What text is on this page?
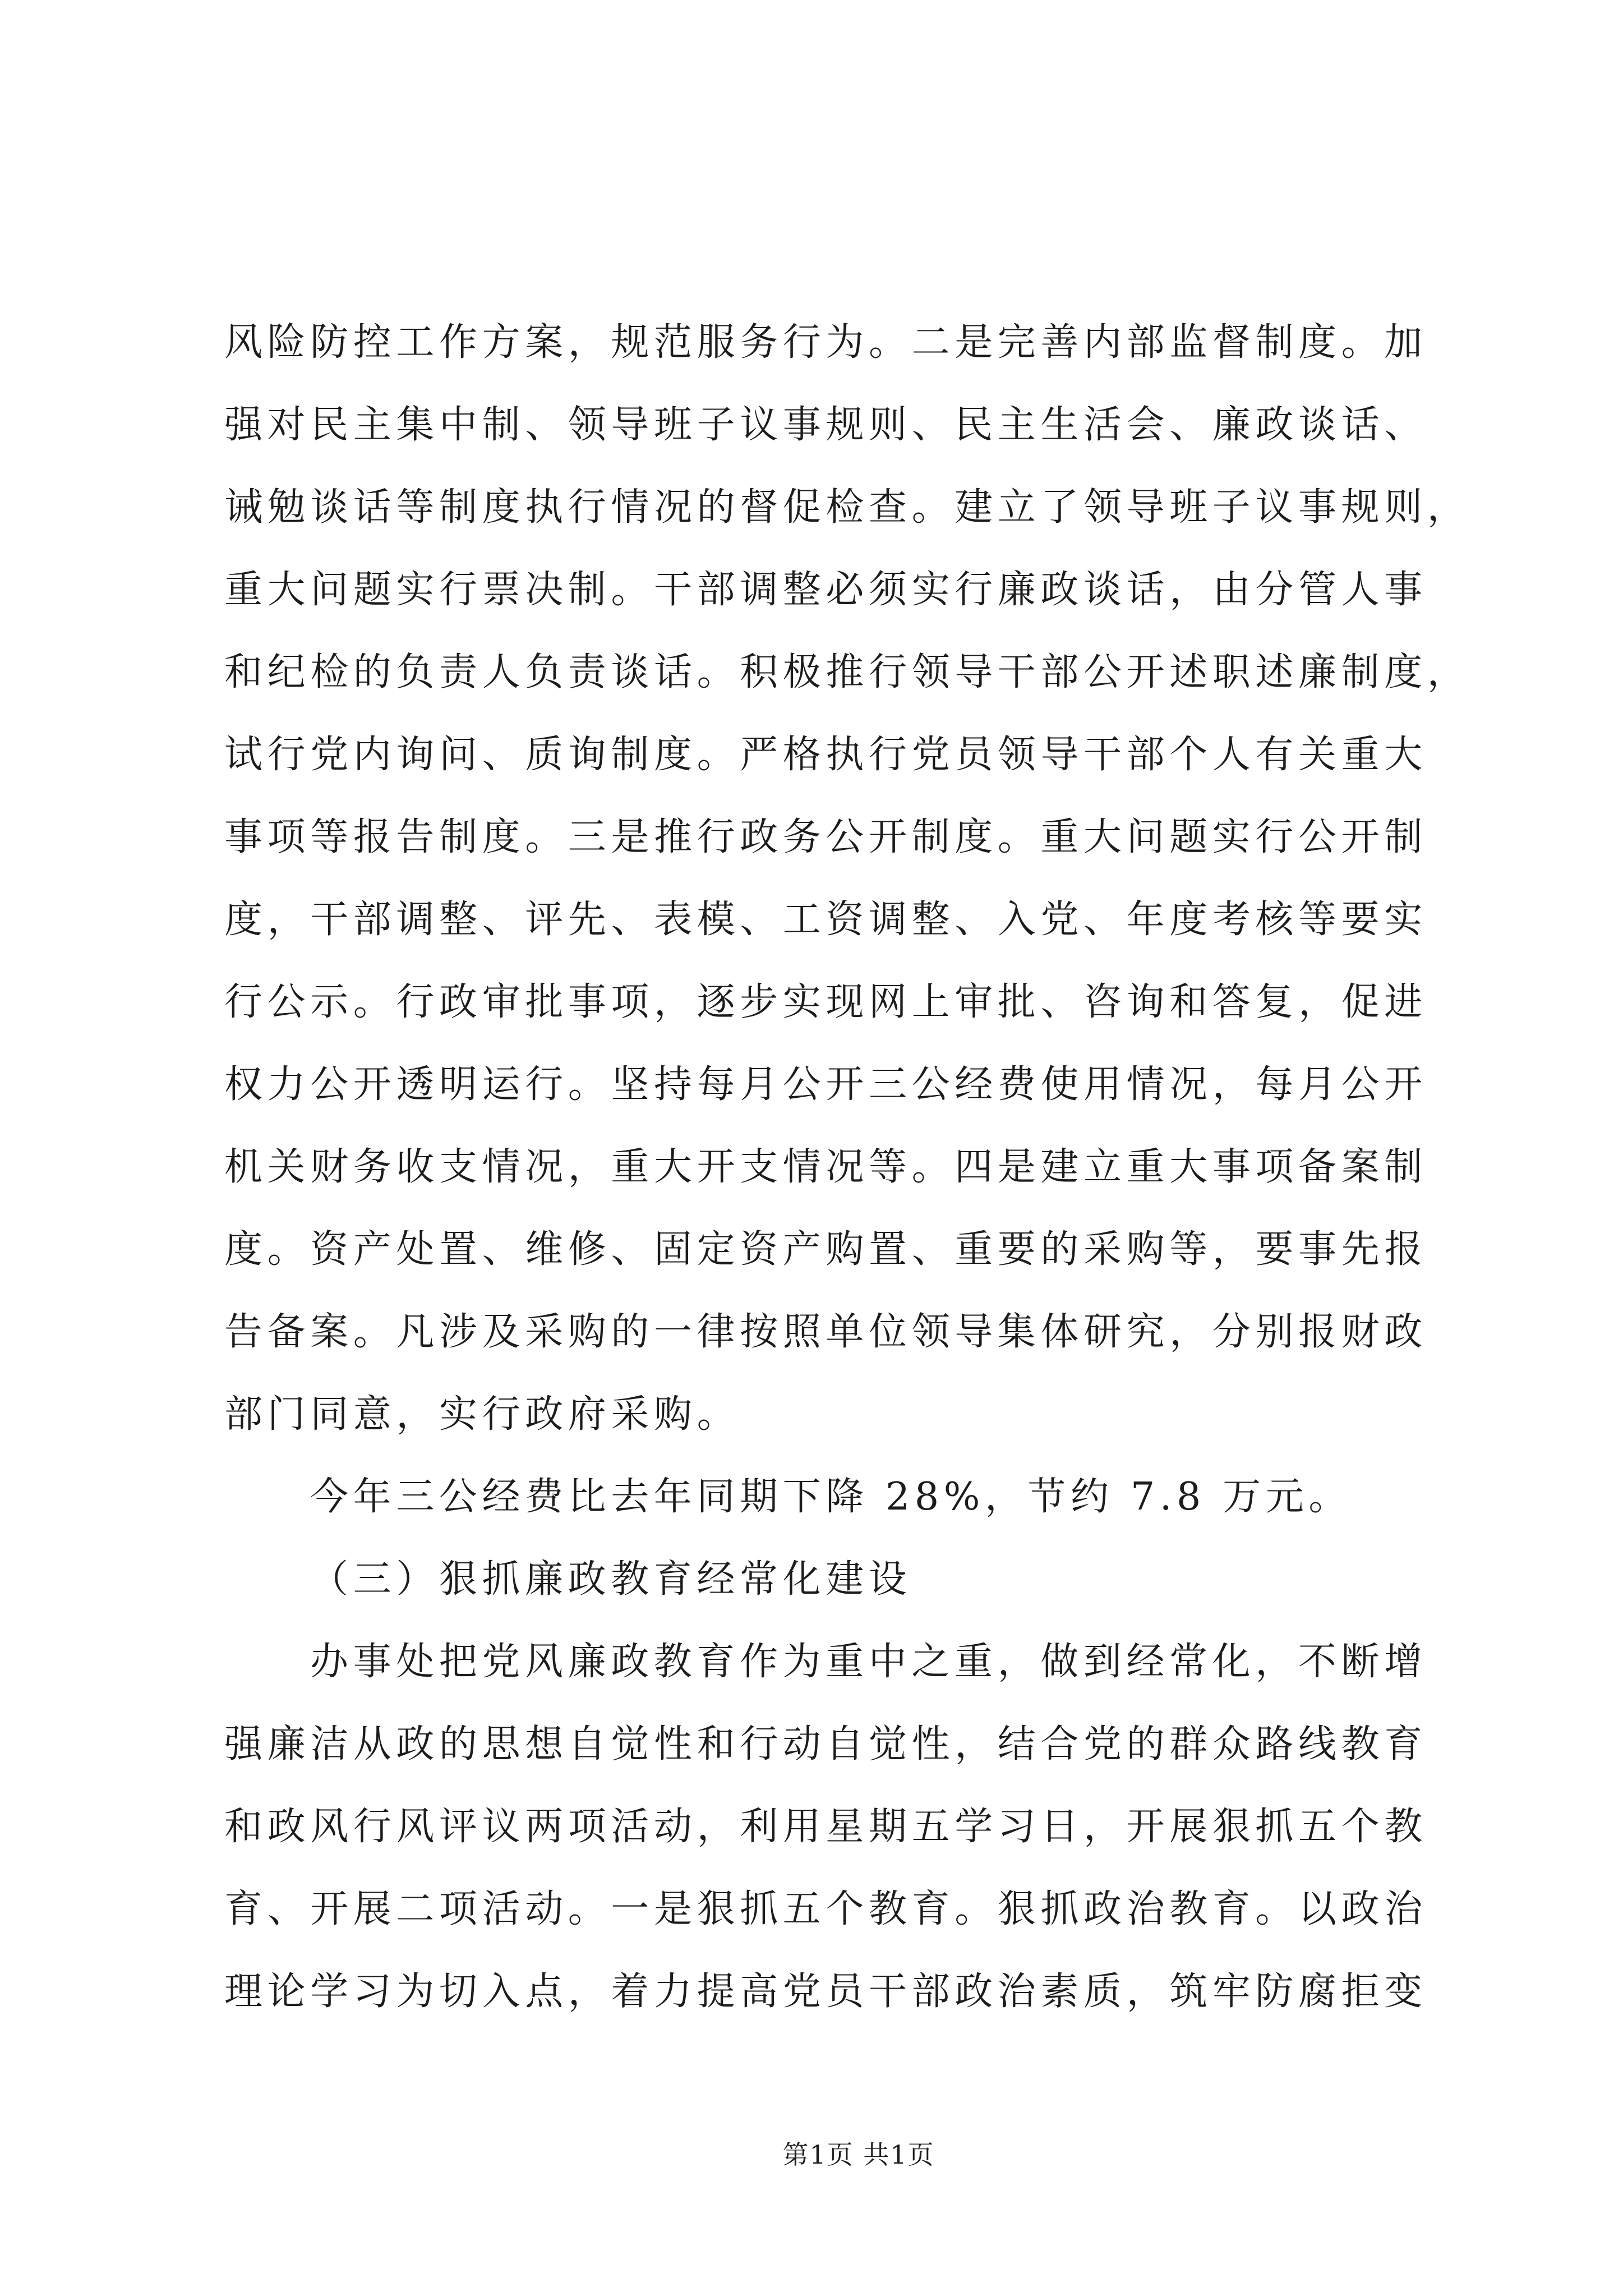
风险防控工作方案，规范服务行为。二是完善内部监督制度。加
强对民主集中制、领导班子议事规则、民主生活会、廉政谈话、
诫勉谈话等制度执行情况的督促检查。建立了领导班子议事规则，
重大问题实行票决制。干部调整必须实行廉政谈话，由分管人事
和纪检的负责人负责谈话。积极推行领导干部公开述职述廉制度，
试行党内询问、质询制度。严格执行党员领导干部个人有关重大
事项等报告制度。三是推行政务公开制度。重大问题实行公开制
度，干部调整、评先、表模、工资调整、入党、年度考核等要实
行公示。行政审批事项，逐步实现网上审批、咨询和答复，促进
权力公开透明运行。坚持每月公开三公经费使用情况，每月公开
机关财务收支情况，重大开支情况等。四是建立重大事项备案制
度。资产处置、维修、固定资产购置、重要的采购等，要事先报
告备案。凡涉及采购的一律按照单位领导集体研究，分别报财政
部门同意，实行政府采购。
今年三公经费比去年同期下降 28%，节约 7.8 万元。
（三）狠抓廉政教育经常化建设
办事处把党风廉政教育作为重中之重，做到经常化，不断增
强廉洁从政的思想自觉性和行动自觉性，结合党的群众路线教育
和政风行风评议两项活动，利用星期五学习日，开展狠抓五个教
育、开展二项活动。一是狠抓五个教育。狠抓政治教育。以政治
理论学习为切入点，着力提高党员干部政治素质，筑牢防腐拒变
第1页 共1页
